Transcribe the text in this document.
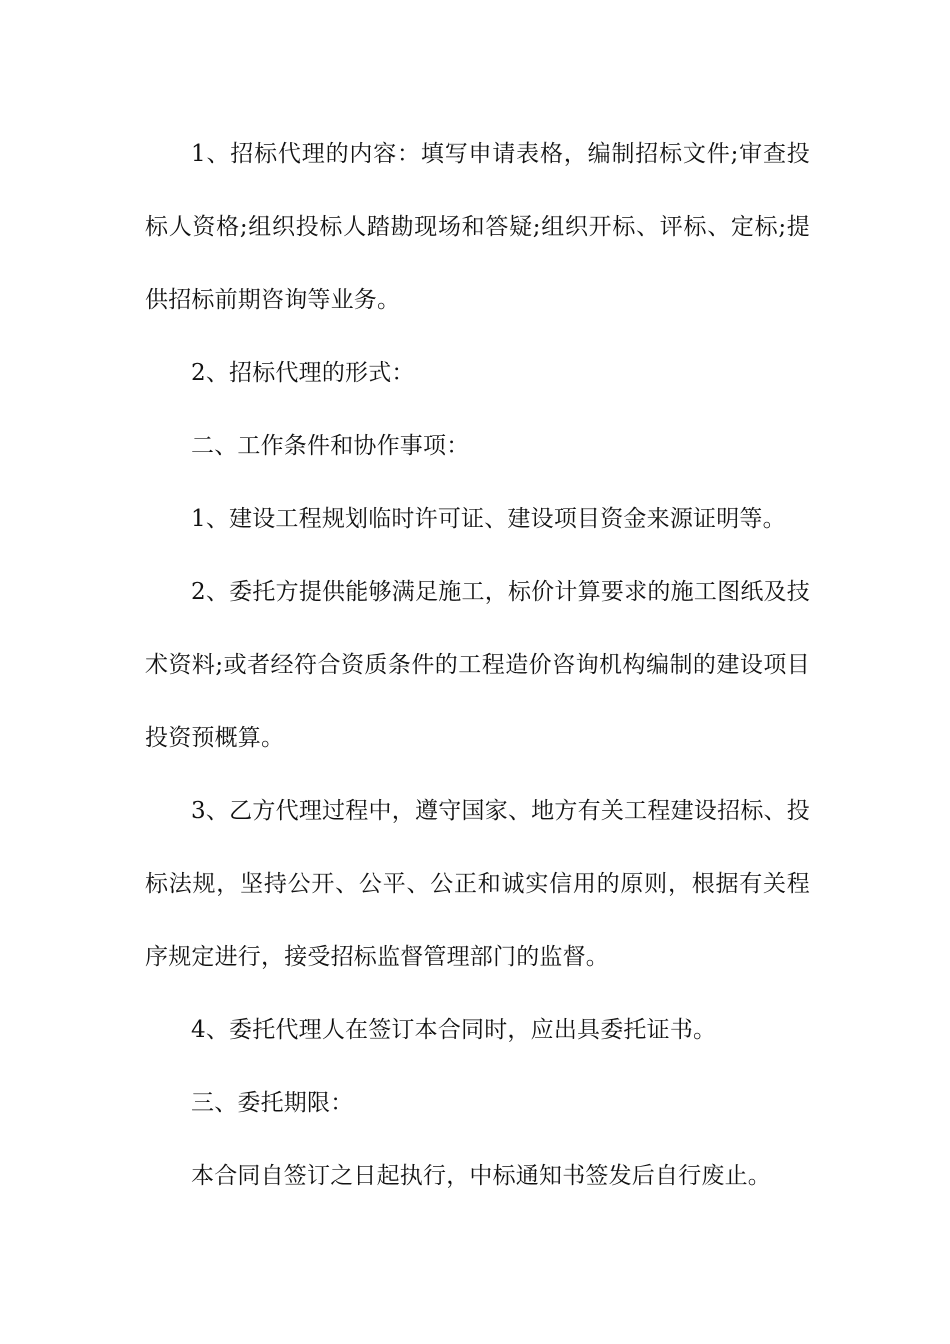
1、招标代理的内容：填写申请表格，编制招标文件;审查投标人资格;组织投标人踏勘现场和答疑;组织开标、评标、定标;提供招标前期咨询等业务。

2、招标代理的形式：

二、工作条件和协作事项：

1、建设工程规划临时许可证、建设项目资金来源证明等。

2、委托方提供能够满足施工，标价计算要求的施工图纸及技术资料;或者经符合资质条件的工程造价咨询机构编制的建设项目投资预概算。

3、乙方代理过程中，遵守国家、地方有关工程建设招标、投标法规，坚持公开、公平、公正和诚实信用的原则，根据有关程序规定进行，接受招标监督管理部门的监督。

4、委托代理人在签订本合同时，应出具委托证书。

三、委托期限：

本合同自签订之日起执行，中标通知书签发后自行废止。
